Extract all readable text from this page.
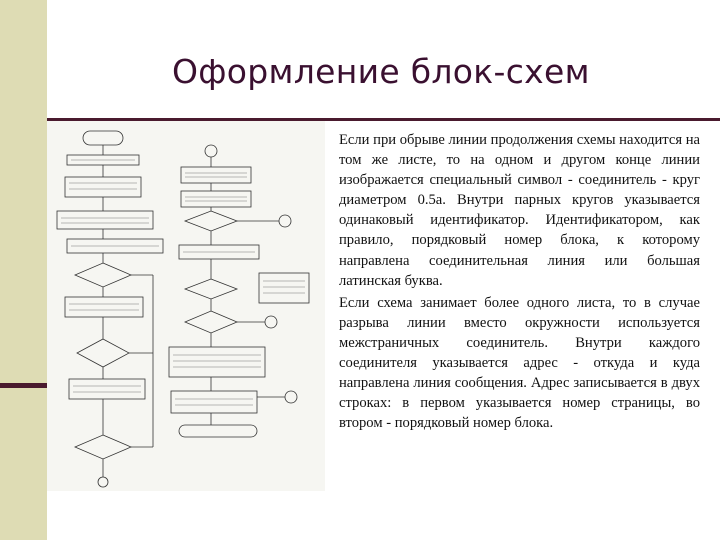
Оформление блок-схем

Если при обрыве линии продолжения схемы находится на том же листе, то на одном и другом конце линии изображается специальный символ - соединитель - круг диаметром 0.5a. Внутри парных кругов указывается одинаковый идентификатор. Идентификатором, как правило, порядковый номер блока, к которому направлена соединительная линия или большая латинская буква.

Если схема занимает более одного листа, то в случае разрыва линии вместо окружности используется межстраничных соединитель. Внутри каждого соединителя указывается адрес - откуда и куда направлена линия сообщения. Адрес записывается в двух строках: в первом указывается номер страницы, во втором - порядковый номер блока.
